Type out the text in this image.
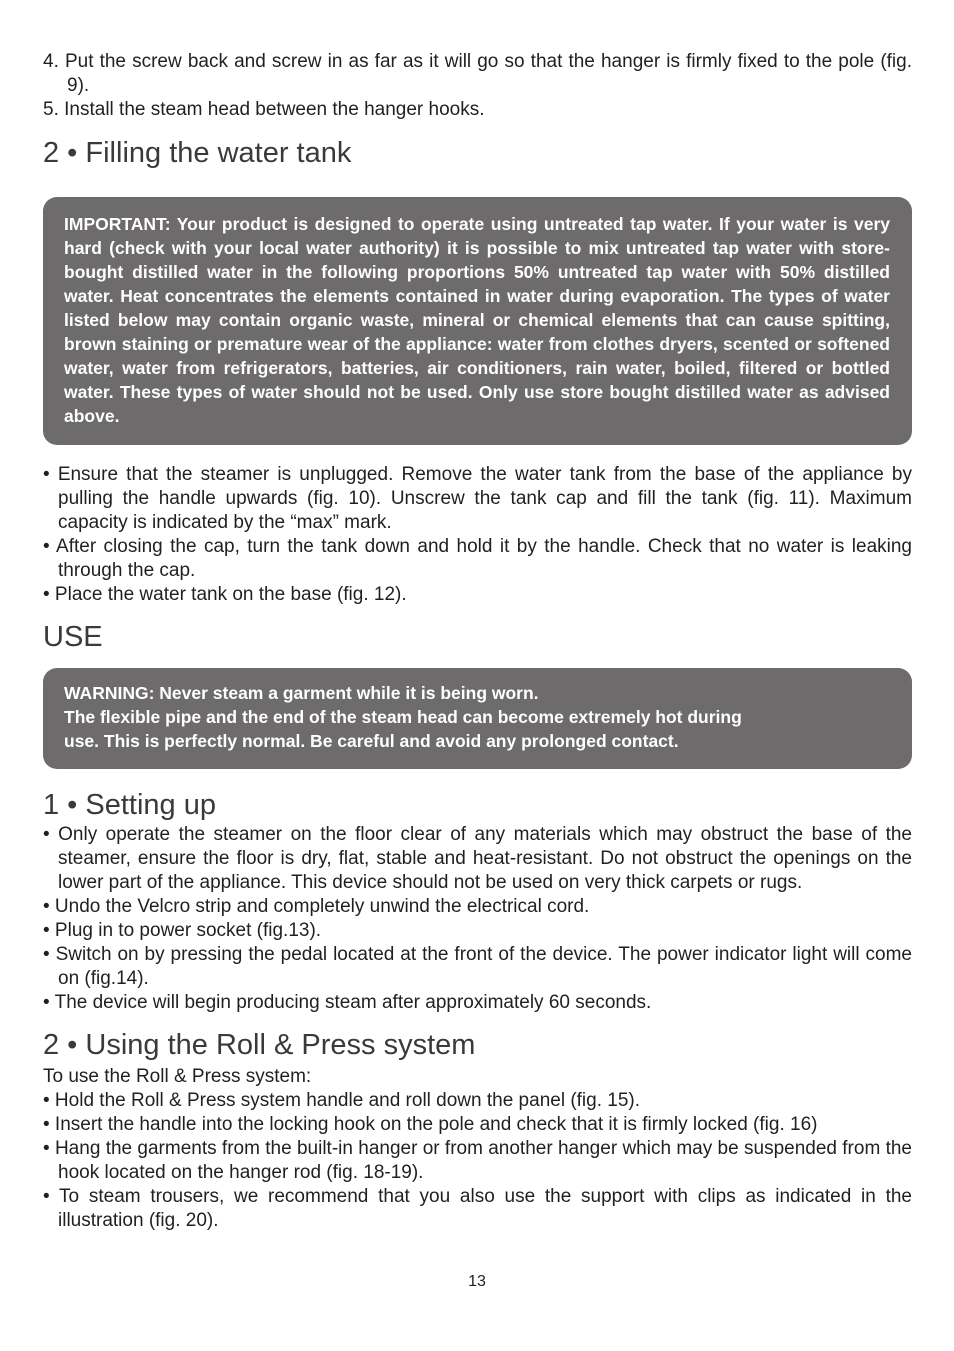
4. Put the screw back and screw in as far as it will go so that the hanger is firmly fixed to the pole (fig. 9).
5. Install the steam head between the hanger hooks.
2 • Filling the water tank

IMPORTANT: Your product is designed to operate using untreated tap water. If your water is very hard (check with your local water authority) it is possible to mix untreated tap water with store-bought distilled water in the following proportions 50% untreated tap water with 50% distilled water. Heat concentrates the elements contained in water during evaporation. The types of water listed below may contain organic waste, mineral or chemical elements that can cause spitting, brown staining or premature wear of the appliance: water from clothes dryers, scented or softened water, water from refrigerators, batteries, air conditioners, rain water, boiled, filtered or bottled water. These types of water should not be used. Only use store bought distilled water as advised above.

• Ensure that the steamer is unplugged. Remove the water tank from the base of the appliance by pulling the handle upwards (fig. 10). Unscrew the tank cap and fill the tank (fig. 11). Maximum capacity is indicated by the “max” mark.
• After closing the cap, turn the tank down and hold it by the handle. Check that no water is leaking through the cap.
• Place the water tank on the base (fig. 12).
USE

WARNING: Never steam a garment while it is being worn.

The flexible pipe and the end of the steam head can become extremely hot during

use. This is perfectly normal. Be careful and avoid any prolonged contact.

1 • Setting up
• Only operate the steamer on the floor clear of any materials which may obstruct the base of the steamer, ensure the floor is dry, flat, stable and heat-resistant. Do not obstruct the openings on the lower part of the appliance. This device should not be used on very thick carpets or rugs.
• Undo the Velcro strip and completely unwind the electrical cord.
• Plug in to power socket (fig.13).
• Switch on by pressing the pedal located at the front of the device. The power indicator light will come on (fig.14).
• The device will begin producing steam after approximately 60 seconds.
2 • Using the Roll & Press system

To use the Roll & Press system:

• Hold the Roll & Press system handle and roll down the panel (fig. 15).
• Insert the handle into the locking hook on the pole and check that it is firmly locked (fig. 16)
• Hang the garments from the built-in hanger or from another hanger which may be suspended from the hook located on the hanger rod (fig. 18-19).
• To steam trousers, we recommend that you also use the support with clips as indicated in the illustration (fig. 20).
13
